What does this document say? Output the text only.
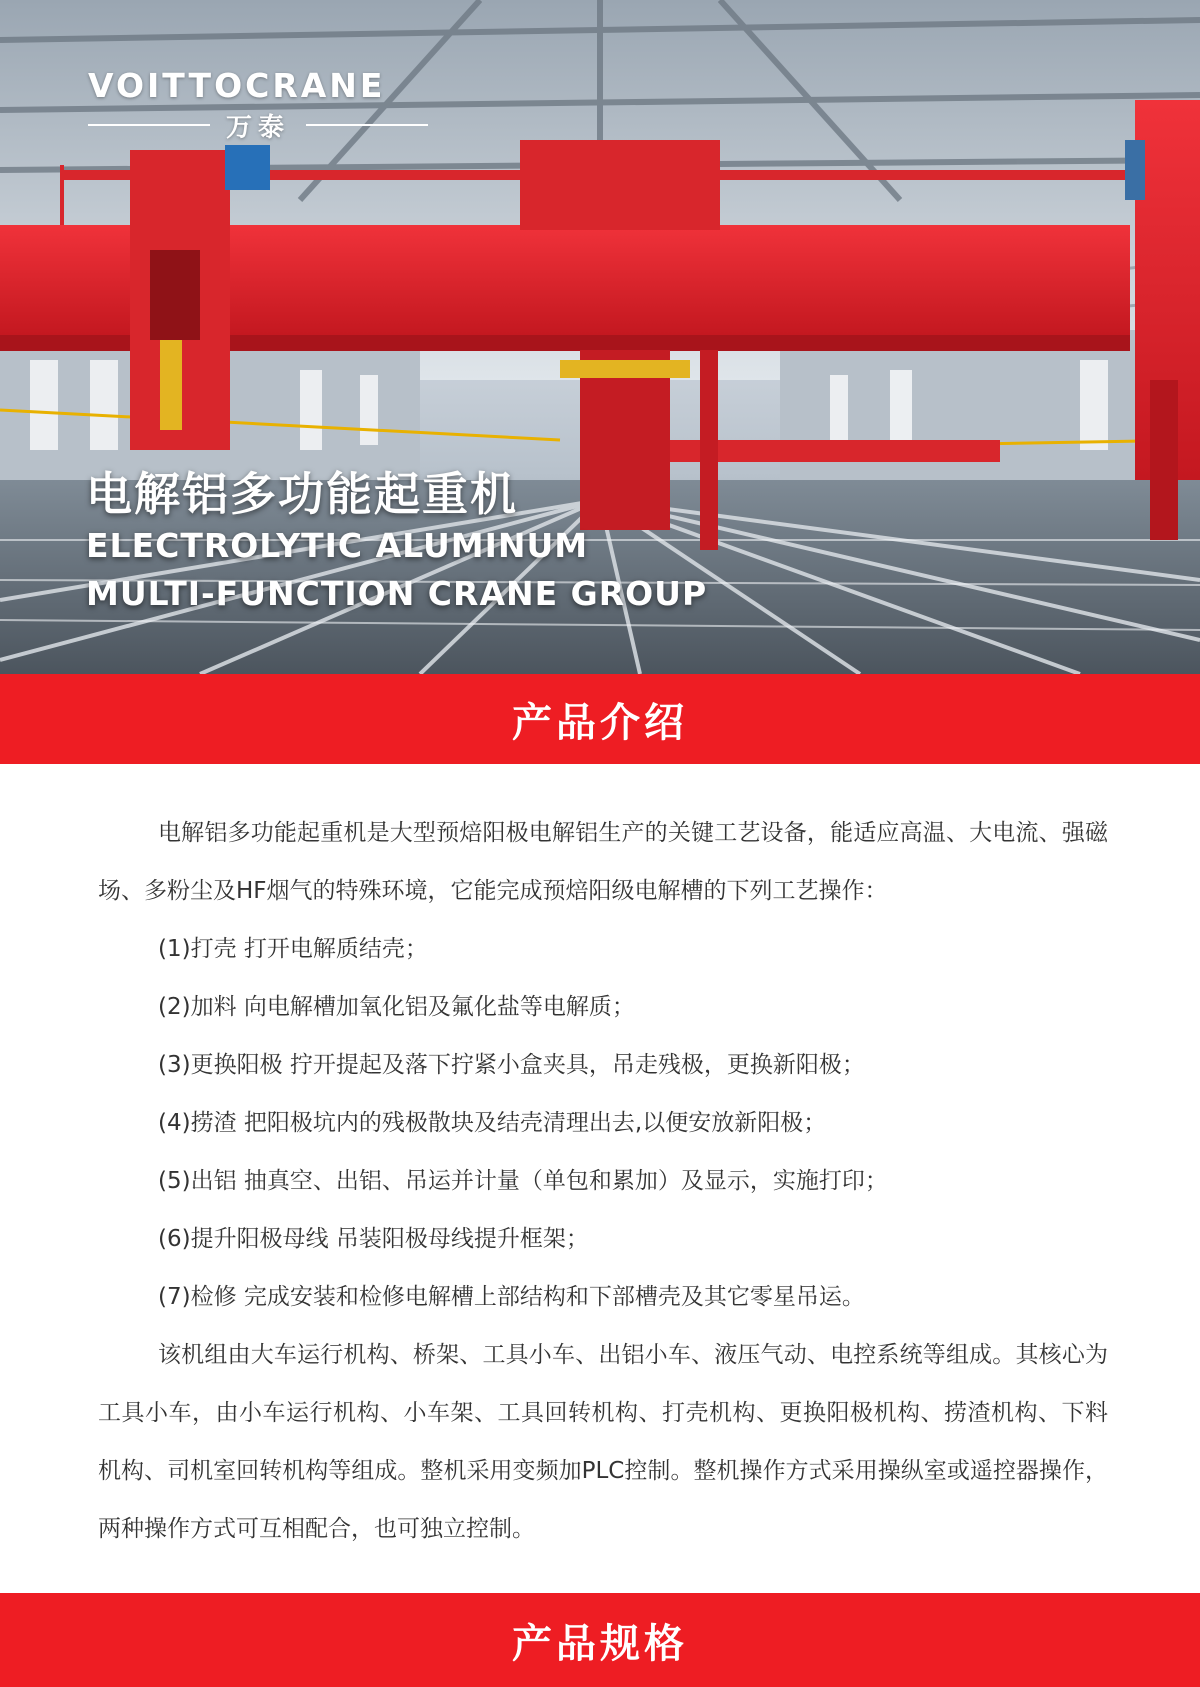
VOITTOCRANE
万泰
电解铝多功能起重机
ELECTROLYTIC ALUMINUM
MULTI-FUNCTION CRANE GROUP
产品介绍

电解铝多功能起重机是大型预焙阳极电解铝生产的关键工艺设备，能适应高温、大电流、强磁场、多粉尘及HF烟气的特殊环境，它能完成预焙阳级电解槽的下列工艺操作：

(1)打壳 打开电解质结壳；

(2)加料 向电解槽加氧化铝及氟化盐等电解质；

(3)更换阳极 拧开提起及落下拧紧小盒夹具，吊走残极，更换新阳极；

(4)捞渣 把阳极坑内的残极散块及结壳清理出去,以便安放新阳极；

(5)出铝 抽真空、出铝、吊运并计量（单包和累加）及显示，实施打印；

(6)提升阳极母线 吊装阳极母线提升框架；

(7)检修 完成安装和检修电解槽上部结构和下部槽壳及其它零星吊运。

该机组由大车运行机构、桥架、工具小车、出铝小车、液压气动、电控系统等组成。其核心为工具小车，由小车运行机构、小车架、工具回转机构、打壳机构、更换阳极机构、捞渣机构、下料机构、司机室回转机构等组成。整机采用变频加PLC控制。整机操作方式采用操纵室或遥控器操作，两种操作方式可互相配合，也可独立控制。

产品规格
